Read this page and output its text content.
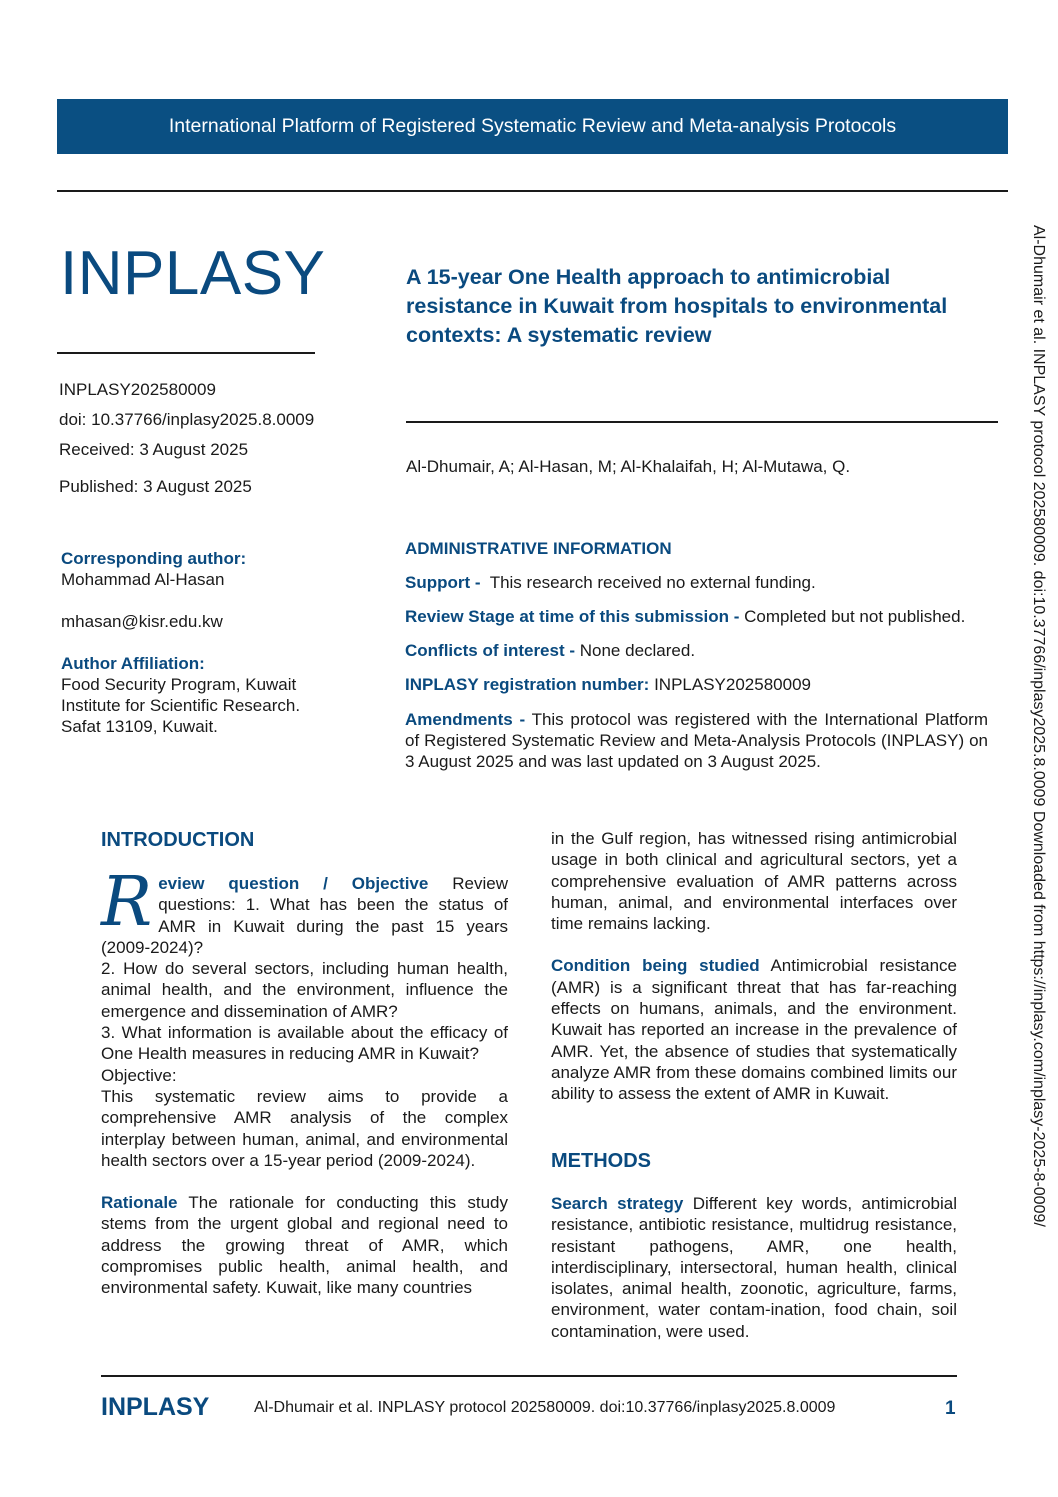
International Platform of Registered Systematic Review and Meta-analysis Protocols
INPLASY	A 15-year One Health approach to antimicrobial resistance in Kuwait from hospitals to environmental contexts: A systematic review
Al-Dhumair, A; Al-Hasan, M; Al-Khalaifah, H; Al-Mutawa, Q.
INPLASY202580009
doi: 10.37766/inplasy2025.8.0009
Received: 3 August 2025
Published: 3 August 2025
Corresponding author:
Mohammad Al-Hasan
mhasan@kisr.edu.kw
Author Affiliation:
Food Security Program, Kuwait
Institute for Scientific Research.
Safat 13109, Kuwait.
ADMINISTRATIVE INFORMATION
Support - This research received no external funding.
Review Stage at time of this submission - Completed but not published.
Conflicts of interest - None declared.
INPLASY registration number: INPLASY202580009
Amendments - This protocol was registered with the International Platform of Registered Systematic Review and Meta-Analysis Protocols (INPLASY) on 3 August 2025 and was last updated on 3 August 2025.
INTRODUCTION
R eview question / Objective Review questions: 1. What has been the status of AMR in Kuwait during the past 15 years (2009-2024)?
2. How do several sectors, including human health, animal health, and the environment, influence the emergence and dissemination of AMR?
3. What information is available about the efficacy of One Health measures in reducing AMR in Kuwait?
Objective:
This systematic review aims to provide a comprehensive AMR analysis of the complex interplay between human, animal, and environmental health sectors over a 15-year period (2009-2024).
Rationale The rationale for conducting this study stems from the urgent global and regional need to address the growing threat of AMR, which compromises public health, animal health, and environmental safety. Kuwait, like many countries
in the Gulf region, has witnessed rising antimicrobial usage in both clinical and agricultural sectors, yet a comprehensive evaluation of AMR patterns across human, animal, and environmental interfaces over time remains lacking.
Condition being studied Antimicrobial resistance (AMR) is a significant threat that has far-reaching effects on humans, animals, and the environment. Kuwait has reported an increase in the prevalence of AMR. Yet, the absence of studies that systematically analyze AMR from these domains combined limits our ability to assess the extent of AMR in Kuwait.
METHODS
Search strategy Different key words, antimicrobial resistance, antibiotic resistance, multidrug resistance, resistant pathogens, AMR, one health, interdisciplinary, intersectoral, human health, clinical isolates, animal health, zoonotic, agriculture, farms, environment, water contam-ination, food chain, soil contamination, were used.
Al-Dhumair et al. INPLASY protocol 202580009. doi:10.37766/inplasy2025.8.0009 Downloaded from https://inplasy.com/inplasy-2025-8-0009/
INPLASY	Al-Dhumair et al. INPLASY protocol 202580009. doi:10.37766/inplasy2025.8.0009	1
